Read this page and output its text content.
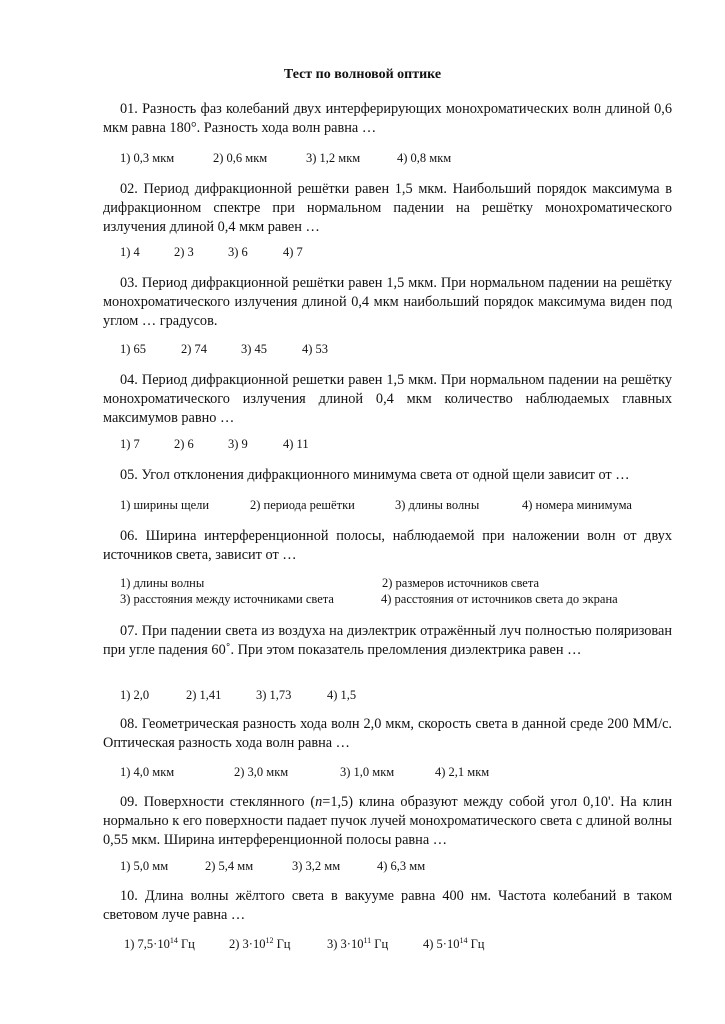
Тест по волновой оптике

01. Разность фаз колебаний двух интерферирующих монохроматических волн длиной 0,6 мкм равна 180°. Разность хода волн равна …

1) 0,3 мкм	2) 0,6 мкм	3) 1,2 мкм	4) 0,8 мкм

02. Период дифракционной решётки равен 1,5 мкм. Наибольший порядок максимума в дифракционном спектре при нормальном падении на решётку монохроматического излучения длиной 0,4 мкм равен …

1) 4	2) 3	3) 6	4) 7

03. Период дифракционной решётки равен 1,5 мкм. При нормальном падении на решётку монохроматического излучения длиной 0,4 мкм наибольший порядок максимума виден под углом … градусов.

1) 65	2) 74	3) 45	4) 53

04. Период дифракционной решетки равен 1,5 мкм. При нормальном падении на решётку монохроматического излучения длиной 0,4 мкм количество наблюдаемых главных максимумов равно …

1) 7	2) 6	3) 9	4) 11

05. Угол отклонения дифракционного минимума света от одной щели зависит от …

1) ширины щели	2) периода решётки	3) длины волны	4) номера минимума

06. Ширина интерференционной полосы, наблюдаемой при наложении волн от двух источников света, зависит от …

1) длины волны	2) размеров источников света
3) расстояния между источниками света	4) расстояния от источников света до экрана

07. При падении света из воздуха на диэлектрик отражённый луч полностью поляризован при угле падения 60˚. При этом показатель преломления диэлектрика равен …

1) 2,0	2) 1,41	3) 1,73	4) 1,5

08. Геометрическая разность хода волн 2,0 мкм, скорость света в данной среде 200 ММ/с. Оптическая разность хода волн равна …

1) 4,0 мкм	2) 3,0 мкм	3) 1,0 мкм	4) 2,1 мкм

09. Поверхности стеклянного (n=1,5) клина образуют между собой угол 0,10'. На клин нормально к его поверхности падает пучок лучей монохроматического света с длиной волны 0,55 мкм. Ширина интерференционной полосы равна …

1) 5,0 мм	2) 5,4 мм	3) 3,2 мм	4) 6,3 мм

10. Длина волны жёлтого света в вакууме равна 400 нм. Частота колебаний в таком световом луче равна …

1) $7,5\cdot 10^{14}$ Гц	2) $3\cdot 10^{12}$ Гц	3) $3\cdot 10^{11}$ Гц	4) $5\cdot 10^{14}$ Гц
